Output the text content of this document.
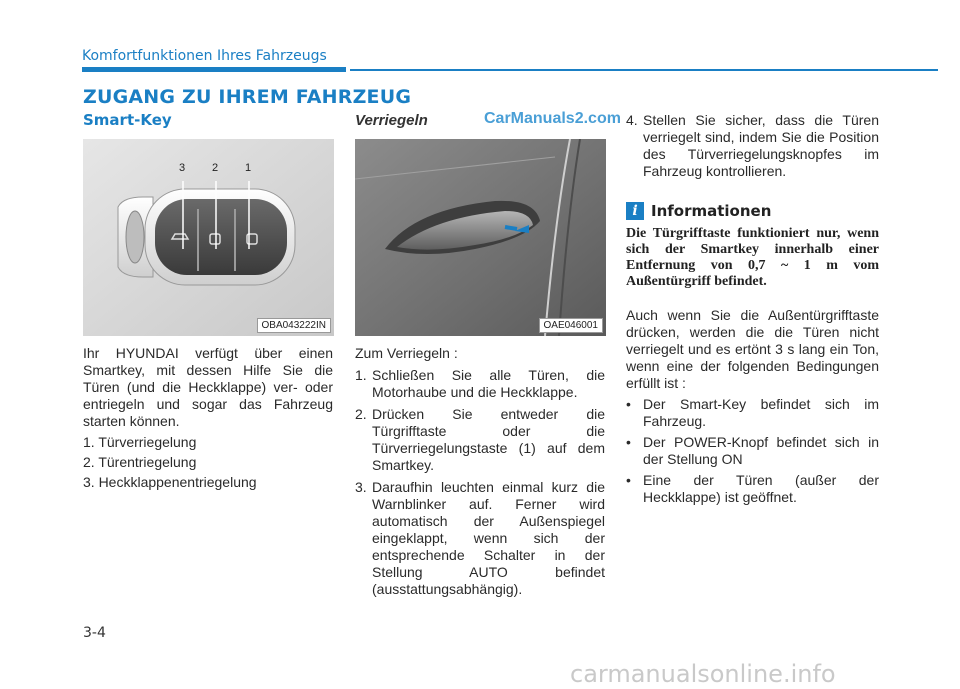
Komfortfunktionen Ihres Fahrzeugs
ZUGANG ZU IHREM FAHRZEUG
CarManuals2.com
Smart-Key
3 2 1
OBA043222IN

Ihr HYUNDAI verfügt über einen Smartkey, mit dessen Hilfe Sie die Türen (und die Heckklappe) ver- oder entriegeln und sogar das Fahrzeug starten können.

1. Türverriegelung

2. Türentriegelung

3. Heckklappenentriegelung

Verriegeln
OAE046001

Zum Verriegeln :

1. Schließen Sie alle Türen, die Motorhaube und die Heckklappe.
2. Drücken Sie entweder die Türgrifftaste oder die Türverriegelungstaste (1) auf dem Smartkey.
3. Daraufhin leuchten einmal kurz die Warnblinker auf. Ferner wird automatisch der Außenspiegel eingeklappt, wenn sich der entsprechende Schalter in der Stellung AUTO befindet (ausstattungsabhängig).
4. Stellen Sie sicher, dass die Türen verriegelt sind, indem Sie die Position des Türverriegelungsknopfes im Fahrzeug kontrollieren.
i Informationen

Die Türgrifftaste funktioniert nur, wenn sich der Smartkey innerhalb einer Entfernung von 0,7 ~ 1 m vom Außentürgriff befindet.

Auch wenn Sie die Außentürgrifftaste drücken, werden die die Türen nicht verriegelt und es ertönt 3 s lang ein Ton, wenn eine der folgenden Bedingungen erfüllt ist :

• Der Smart-Key befindet sich im Fahrzeug.
• Der POWER-Knopf befindet sich in der Stellung ON
• Eine der Türen (außer der Heckklappe) ist geöffnet.
3-4
carmanualsonline.info
